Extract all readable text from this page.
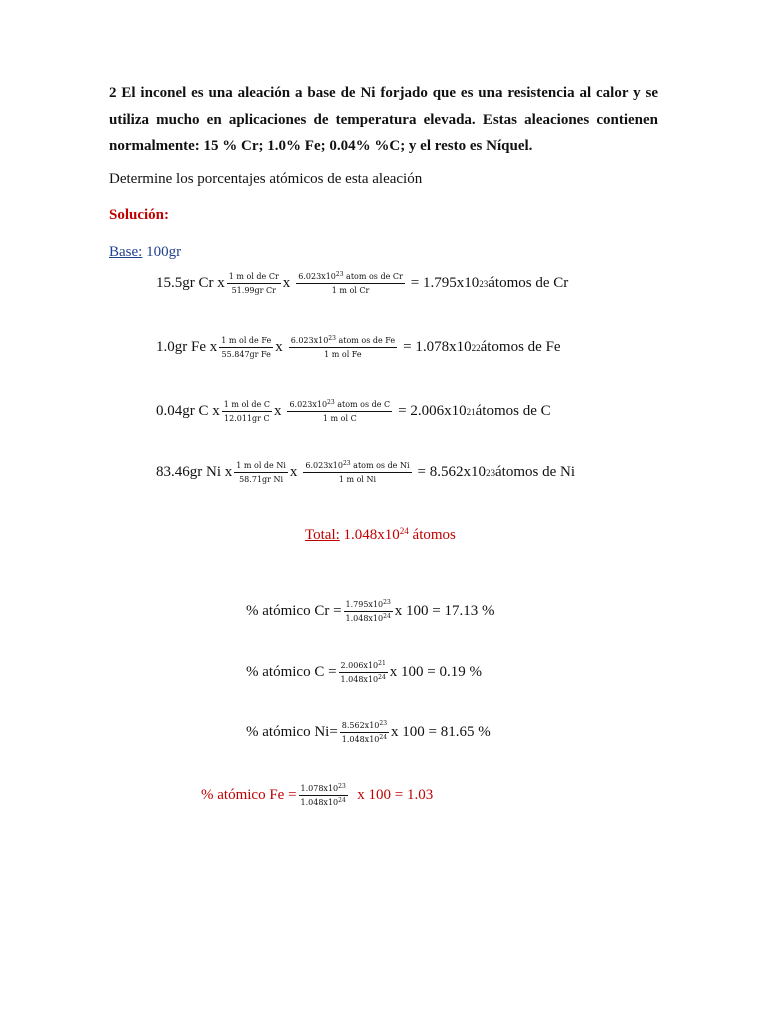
2 El inconel es una aleación a base de Ni forjado que es una resistencia al calor y se utiliza mucho en aplicaciones de temperatura elevada. Estas aleaciones contienen normalmente: 15 % Cr; 1.0% Fe; 0.04% %C; y el resto es Níquel.
Determine los porcentajes atómicos de esta aleación
Solución:
Base: 100gr
15.5gr Cr x $\frac{\text{1 m ol de Cr}}{\text{51.99gr Cr}}$ x $\frac{6.023x10^{23} atom os de Cr}{\text{1 m ol Cr}} = 1.795x10$ 23 átomos de Cr
1.0gr Fe x $\frac{\text{1 m ol de Fe}}{\text{55.847gr Fe}}$ x $\frac{6.023x10^{23} atom os de Fe}{\text{1 m ol Fe}} = 1.078x10$ 22 átomos de Fe
0.04gr C x $\frac{\text{1 m ol de C}}{\text{12.011gr C}}$ x $\frac{6.023x10^{23} atom os de C}{\text{1 m ol C}} = 2.006x10$ 21 átomos de C
83.46gr Ni x $\frac{\text{1 m ol de Ni}}{\text{58.71gr Ni}}$ x $\frac{6.023x10^{23} atom os de Ni}{\text{1 m ol Ni}} = 8.562x10$ 23 átomos de Ni
Total: $1.048x10^{24}$ átomos
% atómico $Cr = \frac{1.795x10^{23}}{1.048x10^{24}}$ x 100 = 17.13 %
% atómico $C = \frac{2.006x10^{21}}{1.048x10^{24}}$ x 100 = 0.19 %
% atómico $Ni= \frac{8.562x10^{23}}{1.048x10^{24}}$ x 100 = 81.65 %
% atómico $Fe = \frac{1.078x10^{23}}{1.048x10^{24}}$ x 100 = 1.03
